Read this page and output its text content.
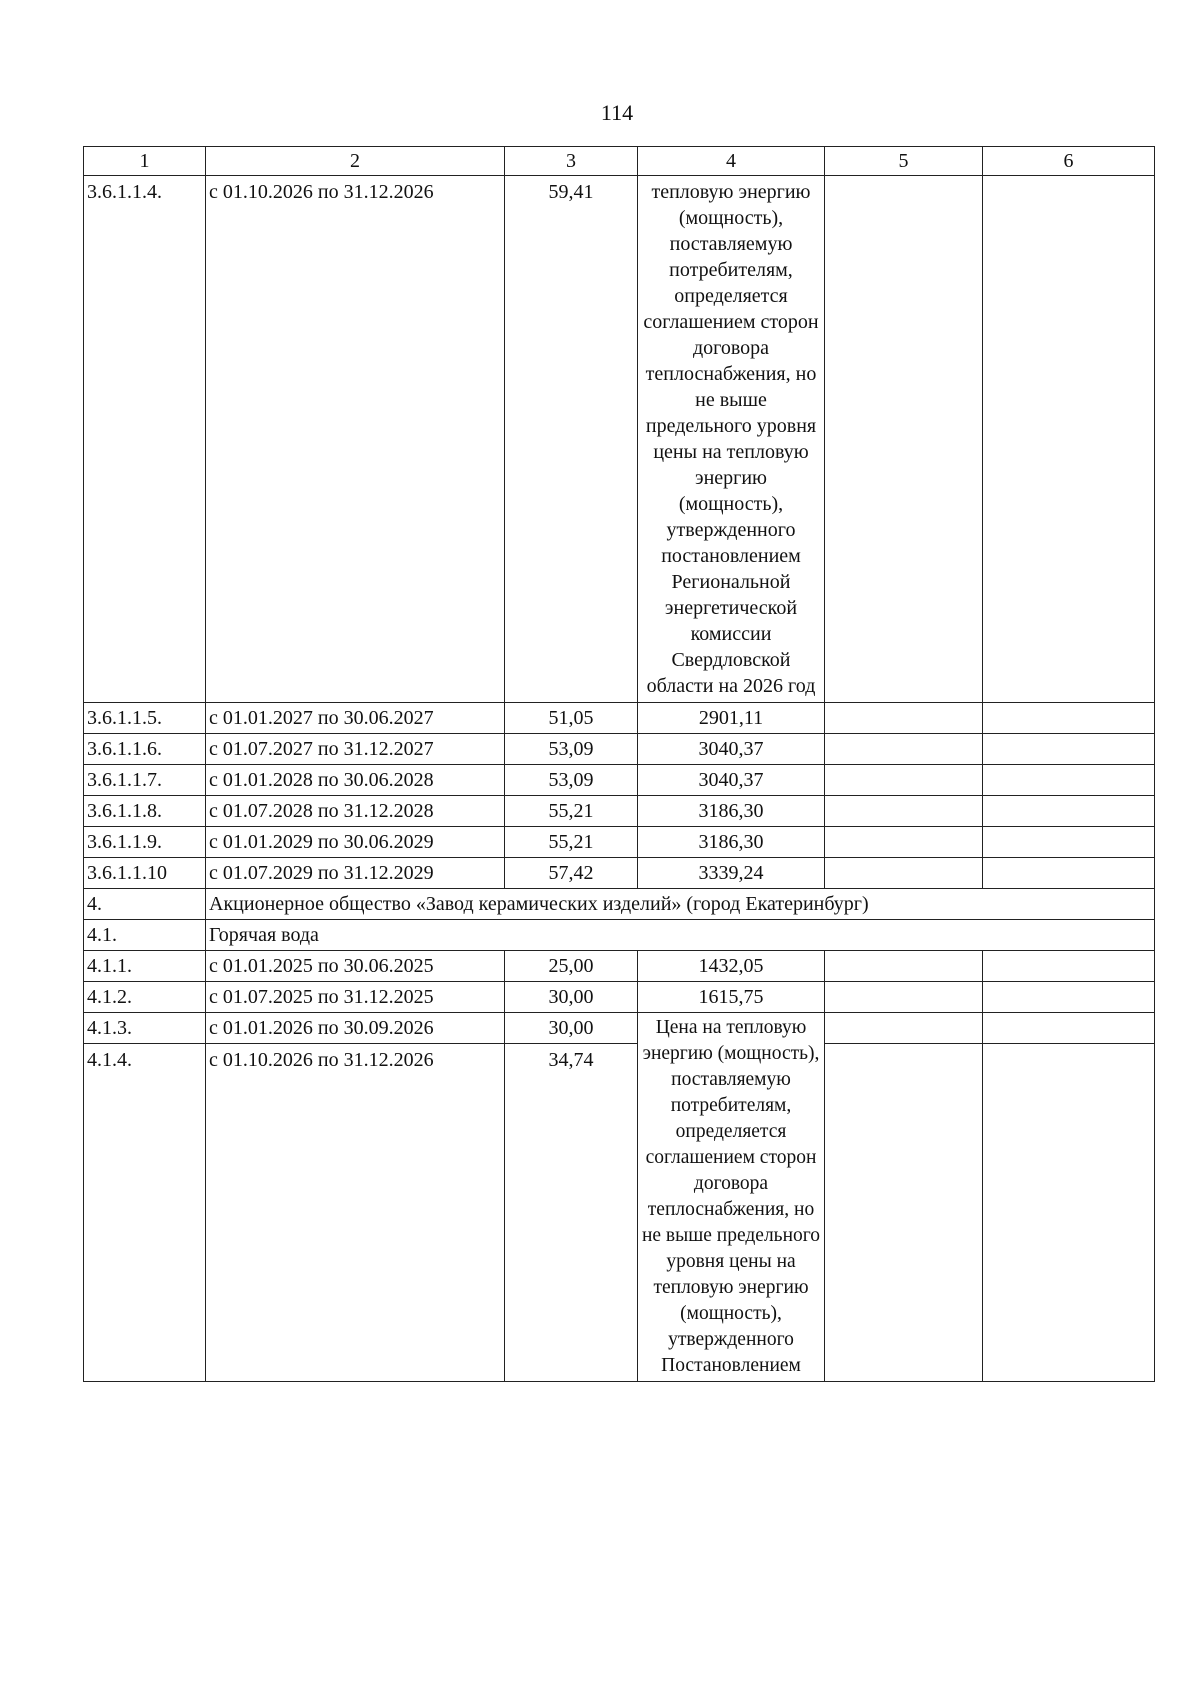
114
1	2	3	4	5	6
3.6.1.1.4.	с 01.10.2026 по 31.12.2026	59,41	тепловую энергию (мощность), поставляемую потребителям, определяется соглашением сторон договора теплоснабжения, но не выше предельного уровня цены на тепловую энергию (мощность), утвержденного постановлением Региональной энергетической комиссии Свердловской области на 2026 год		
3.6.1.1.5.	с 01.01.2027 по 30.06.2027	51,05	2901,11		
3.6.1.1.6.	с 01.07.2027 по 31.12.2027	53,09	3040,37		
3.6.1.1.7.	с 01.01.2028 по 30.06.2028	53,09	3040,37		
3.6.1.1.8.	с 01.07.2028 по 31.12.2028	55,21	3186,30		
3.6.1.1.9.	с 01.01.2029 по 30.06.2029	55,21	3186,30		
3.6.1.1.10	с 01.07.2029 по 31.12.2029	57,42	3339,24		
4.	Акционерное общество «Завод керамических изделий» (город Екатеринбург)				
4.1.	Горячая вода				
4.1.1.	с 01.01.2025 по 30.06.2025	25,00	1432,05		
4.1.2.	с 01.07.2025 по 31.12.2025	30,00	1615,75		
4.1.3.	с 01.01.2026 по 30.09.2026	30,00	Цена на тепловую энергию (мощность), поставляемую потребителям, определяется соглашением сторон договора теплоснабжения, но не выше предельного уровня цены на тепловую энергию (мощность), утвержденного Постановлением		
4.1.4.	с 01.10.2026 по 31.12.2026	34,74			
